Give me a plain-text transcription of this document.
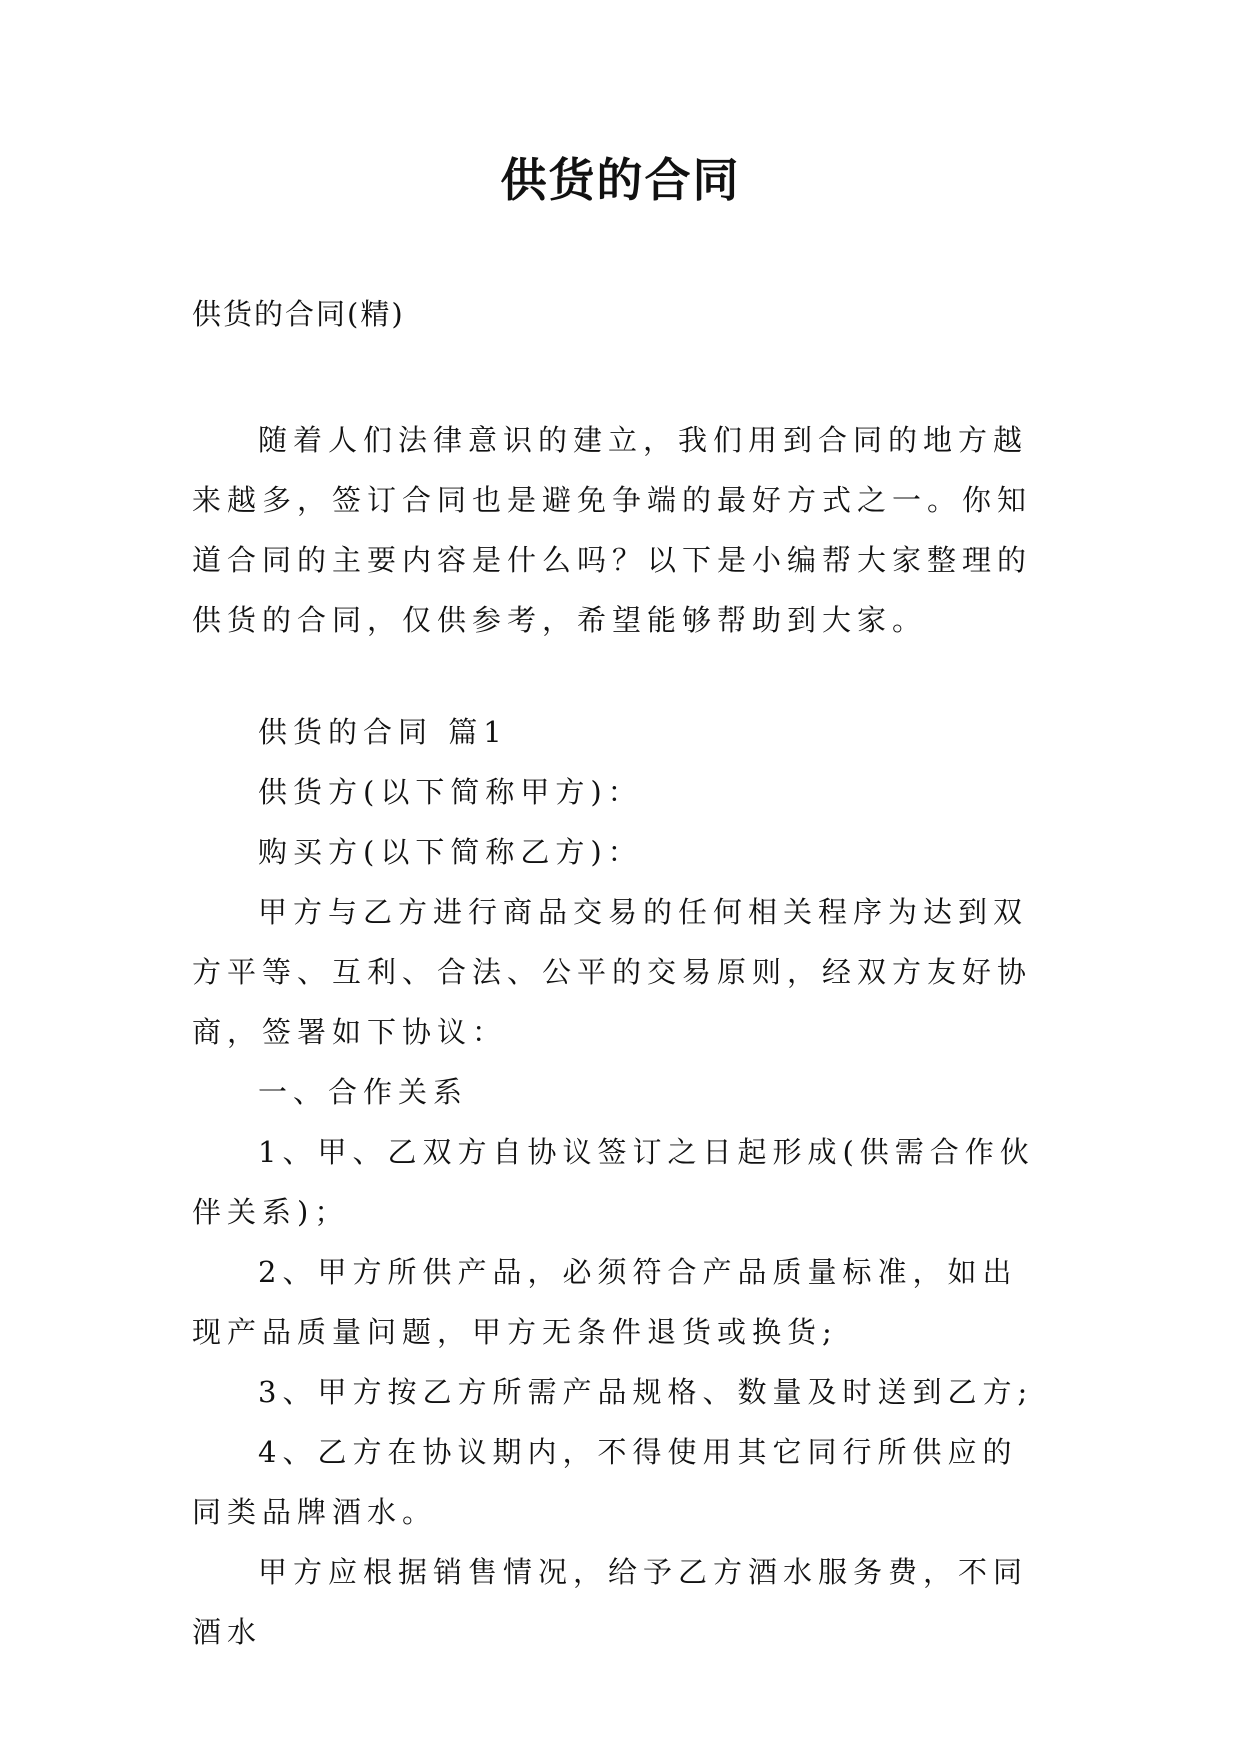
供货的合同
供货的合同(精)

随着人们法律意识的建立，我们用到合同的地方越来越多，签订合同也是避免争端的最好方式之一。你知道合同的主要内容是什么吗？以下是小编帮大家整理的供货的合同，仅供参考，希望能够帮助到大家。

供货的合同 篇1

供货方(以下简称甲方)：

购买方(以下简称乙方)：

甲方与乙方进行商品交易的任何相关程序为达到双方平等、互利、合法、公平的交易原则，经双方友好协商，签署如下协议：

一、合作关系

1、甲、乙双方自协议签订之日起形成(供需合作伙伴关系)；

2、甲方所供产品，必须符合产品质量标准，如出现产品质量问题，甲方无条件退货或换货;

3、甲方按乙方所需产品规格、数量及时送到乙方;

4、乙方在协议期内，不得使用其它同行所供应的同类品牌酒水。

甲方应根据销售情况，给予乙方酒水服务费，不同酒水
